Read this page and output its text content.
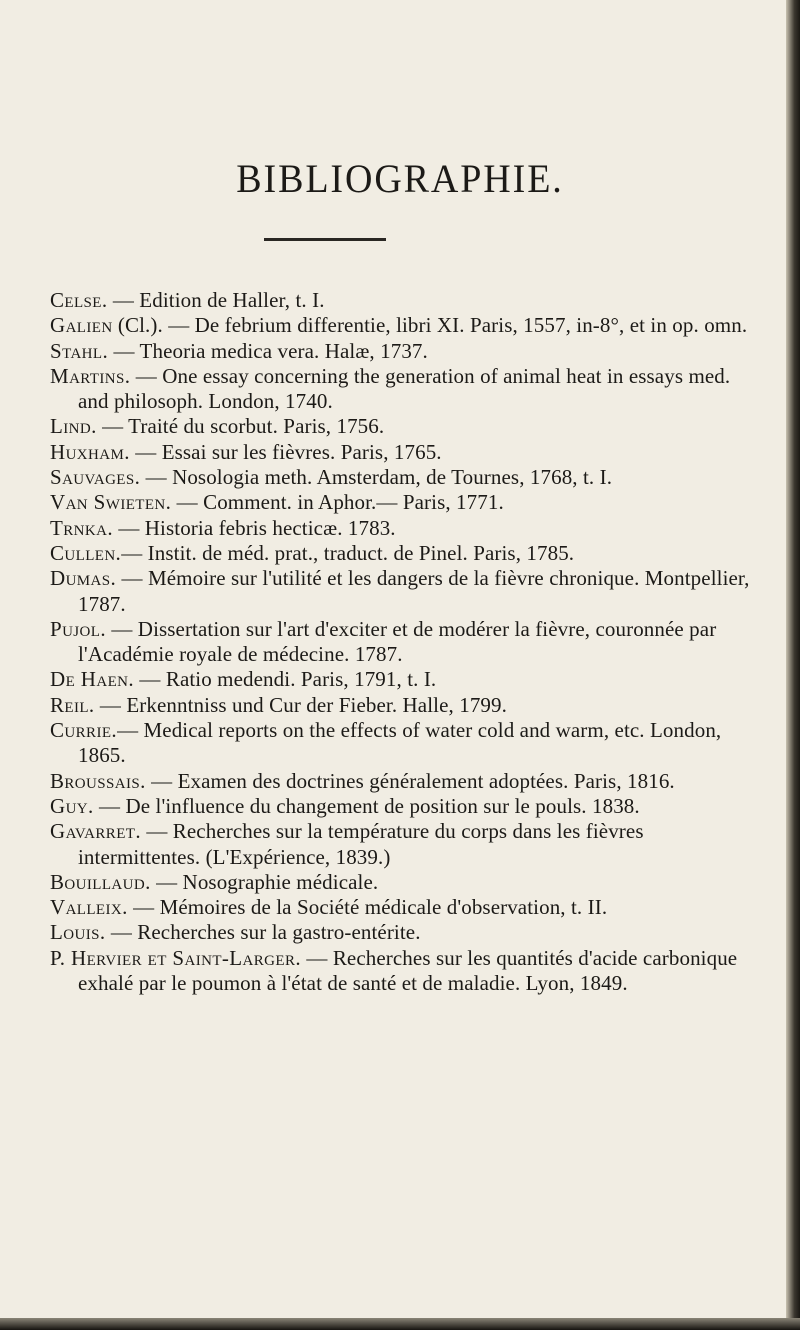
BIBLIOGRAPHIE.

Celse. — Edition de Haller, t. I.

Galien (Cl.). — De febrium differentie, libri XI. Paris, 1557, in-8°, et in op. omn.

Stahl. — Theoria medica vera. Halæ, 1737.

Martins. — One essay concerning the generation of animal heat in essays med. and philosoph. London, 1740.

Lind. — Traité du scorbut. Paris, 1756.

Huxham. — Essai sur les fièvres. Paris, 1765.

Sauvages. — Nosologia meth. Amsterdam, de Tournes, 1768, t. I.

Van Swieten. — Comment. in Aphor.— Paris, 1771.

Trnka. — Historia febris hecticæ. 1783.

Cullen.— Instit. de méd. prat., traduct. de Pinel. Paris, 1785.

Dumas. — Mémoire sur l'utilité et les dangers de la fièvre chronique. Montpellier, 1787.

Pujol. — Dissertation sur l'art d'exciter et de modérer la fièvre, couronnée par l'Académie royale de médecine. 1787.

De Haen. — Ratio medendi. Paris, 1791, t. I.

Reil. — Erkenntniss und Cur der Fieber. Halle, 1799.

Currie.— Medical reports on the effects of water cold and warm, etc. London, 1865.

Broussais. — Examen des doctrines généralement adoptées. Paris, 1816.

Guy. — De l'influence du changement de position sur le pouls. 1838.

Gavarret. — Recherches sur la température du corps dans les fièvres intermittentes. (L'Expérience, 1839.)

Bouillaud. — Nosographie médicale.

Valleix. — Mémoires de la Société médicale d'observation, t. II.

Louis. — Recherches sur la gastro-entérite.

P. Hervier et Saint-Larger. — Recherches sur les quantités d'acide carbonique exhalé par le poumon à l'état de santé et de maladie. Lyon, 1849.
